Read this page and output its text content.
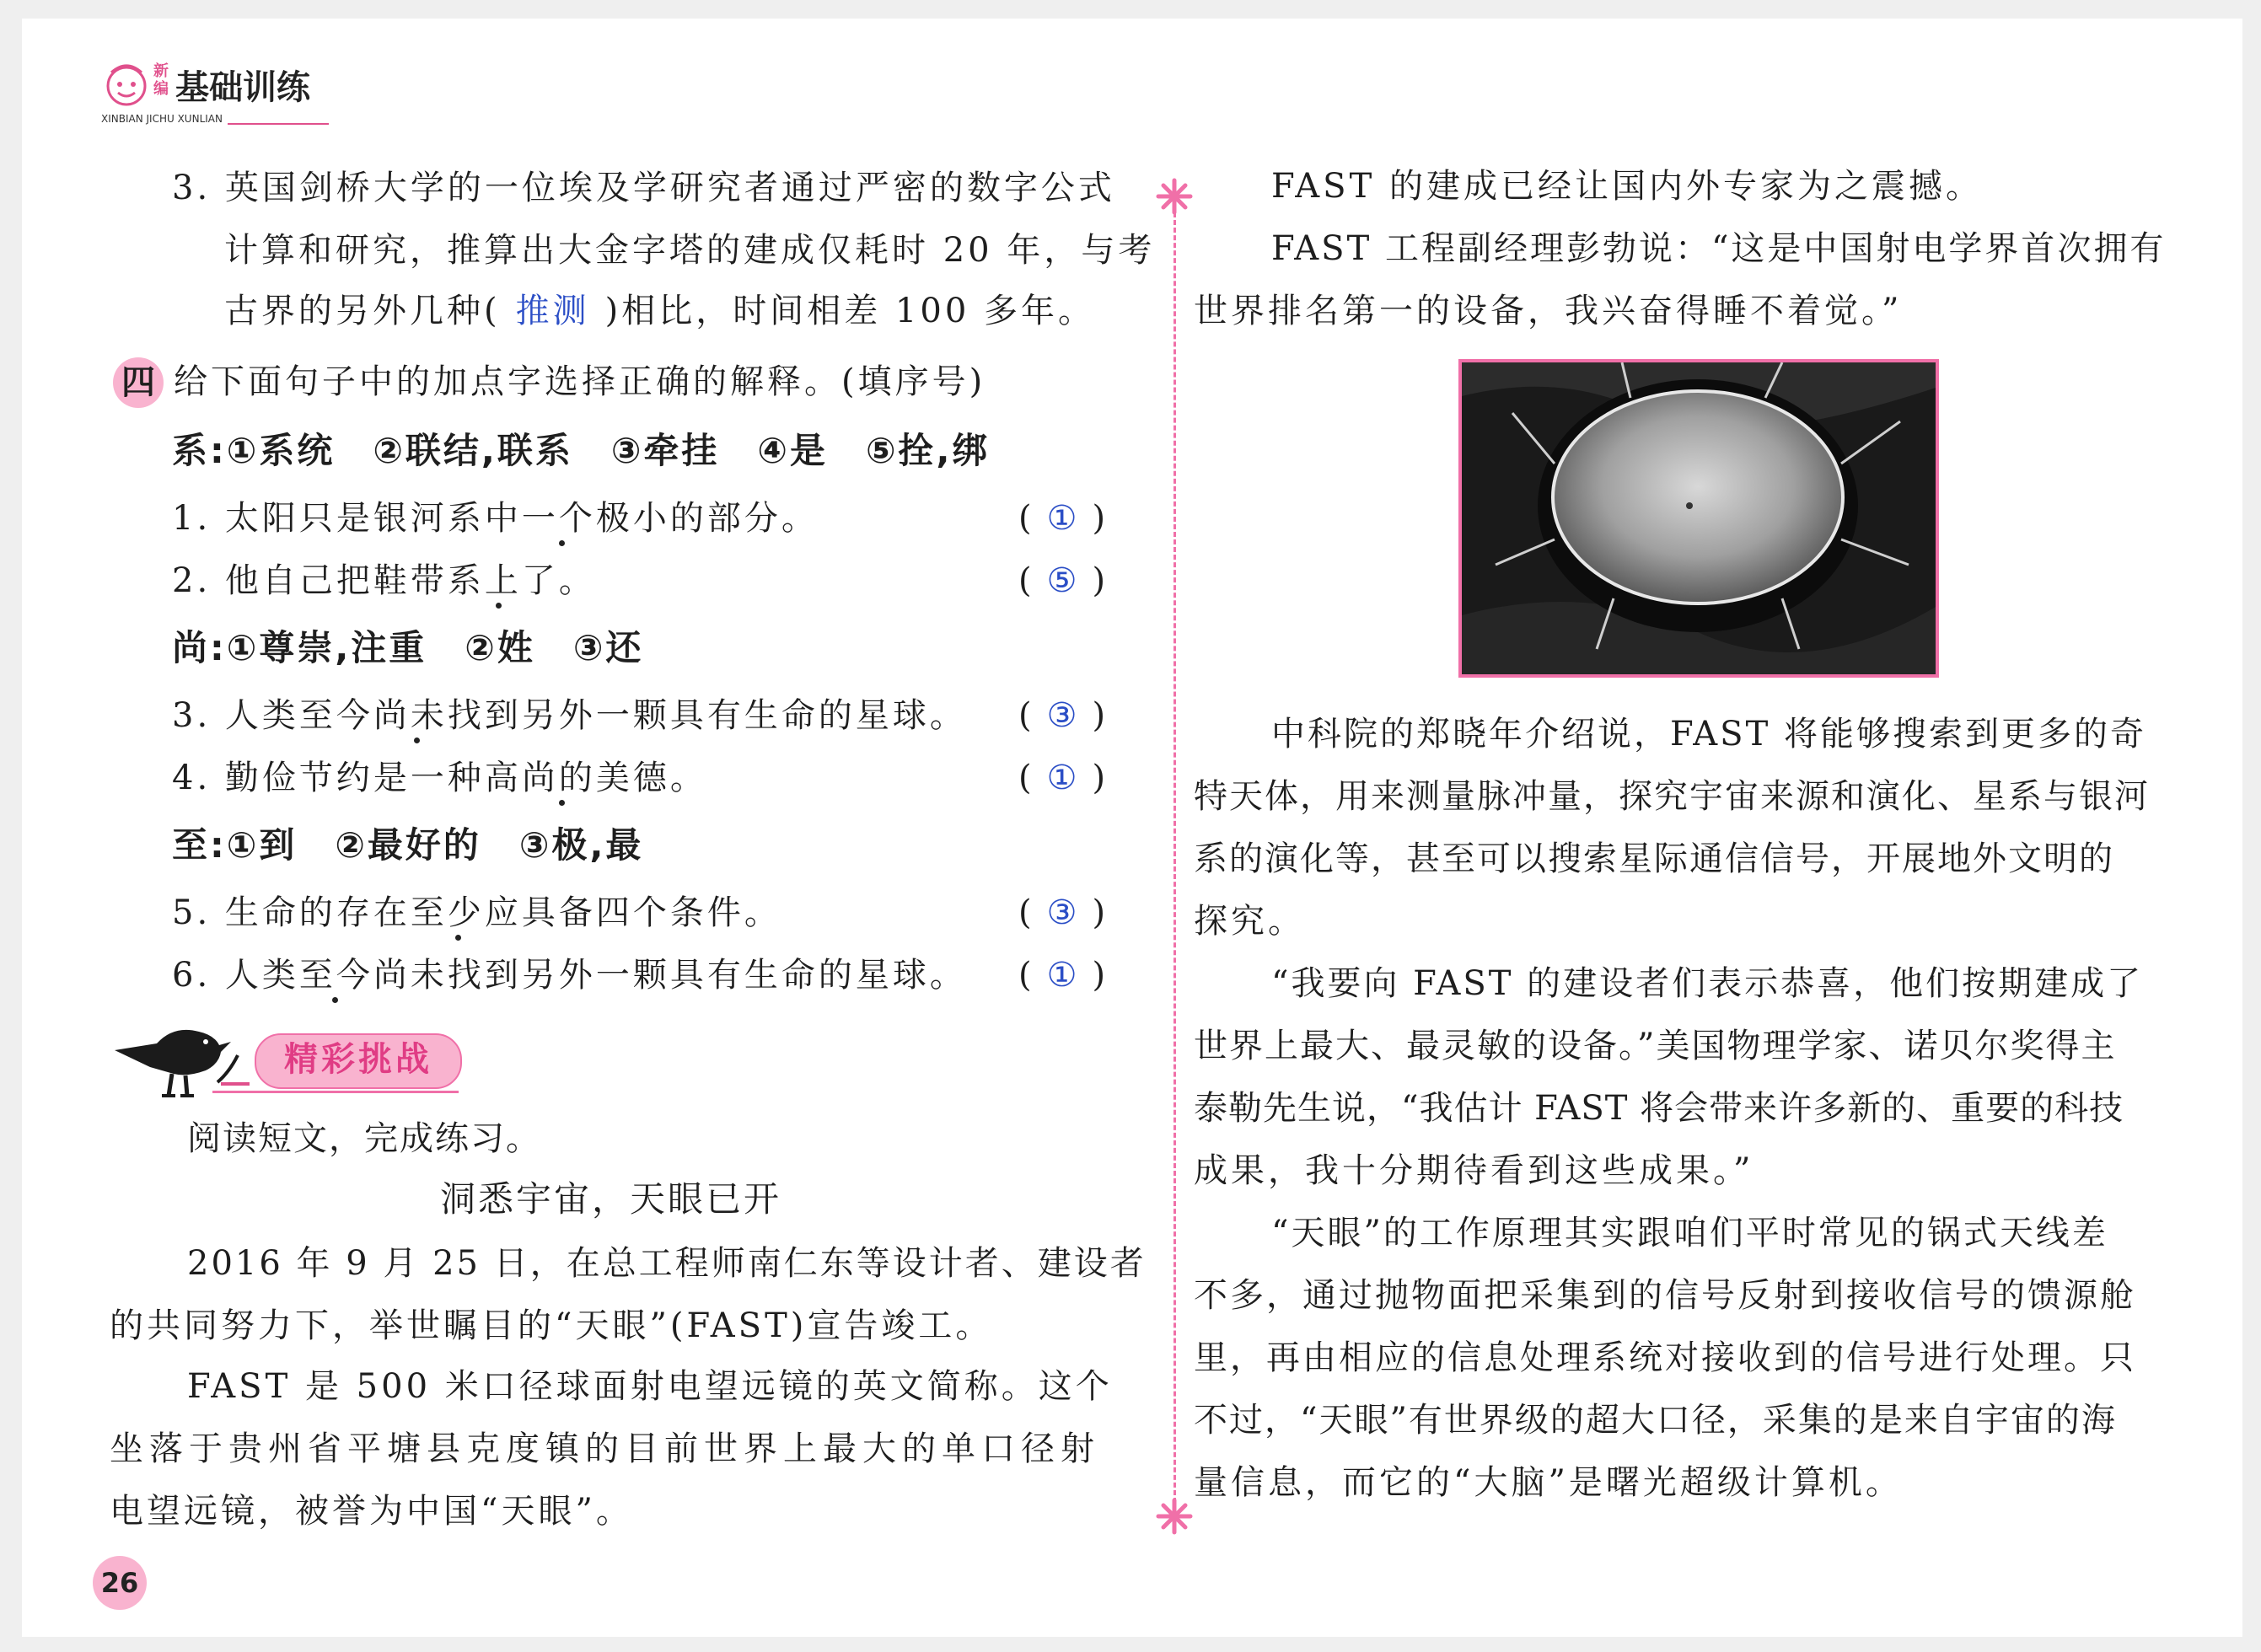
新编 基础训练
XINBIAN JICHU XUNLIAN
3. 英国剑桥大学的一位埃及学研究者通过严密的数字公式
计算和研究，推算出大金字塔的建成仅耗时 20 年，与考
古界的另外几种( 推测 )相比，时间相差 100 多年。
四 给下面句子中的加点字选择正确的解释。(填序号)
系:①系统　②联结,联系　③牵挂　④是　⑤拴,绑
1. 太阳只是银河系中一个极小的部分。	( ① )
2. 他自己把鞋带系上了。	( ⑤ )
尚:①尊崇,注重　②姓　③还
3. 人类至今尚未找到另外一颗具有生命的星球。 ( ③ )
4. 勤俭节约是一种高尚的美德。	( ① )
至:①到　②最好的　③极,最
5. 生命的存在至少应具备四个条件。	( ③ )
6. 人类至今尚未找到另外一颗具有生命的星球。 ( ① )
精彩挑战
阅读短文，完成练习。
洞悉宇宙，天眼已开
2016 年 9 月 25 日，在总工程师南仁东等设计者、建设者
的共同努力下，举世瞩目的“天眼”(FAST)宣告竣工。
FAST 是 500 米口径球面射电望远镜的英文简称。这个
坐落于贵州省平塘县克度镇的目前世界上最大的单口径射
电望远镜，被誉为中国“天眼”。
26
FAST 的建成已经让国内外专家为之震撼。
FAST 工程副经理彭勃说：“这是中国射电学界首次拥有
世界排名第一的设备，我兴奋得睡不着觉。”
中科院的郑晓年介绍说，FAST 将能够搜索到更多的奇
特天体，用来测量脉冲量，探究宇宙来源和演化、星系与银河
系的演化等，甚至可以搜索星际通信信号，开展地外文明的
探究。
“我要向 FAST 的建设者们表示恭喜，他们按期建成了
世界上最大、最灵敏的设备。”美国物理学家、诺贝尔奖得主
泰勒先生说，“我估计 FAST 将会带来许多新的、重要的科技
成果，我十分期待看到这些成果。”
“天眼”的工作原理其实跟咱们平时常见的锅式天线差
不多，通过抛物面把采集到的信号反射到接收信号的馈源舱
里，再由相应的信息处理系统对接收到的信号进行处理。只
不过，“天眼”有世界级的超大口径，采集的是来自宇宙的海
量信息，而它的“大脑”是曙光超级计算机。
